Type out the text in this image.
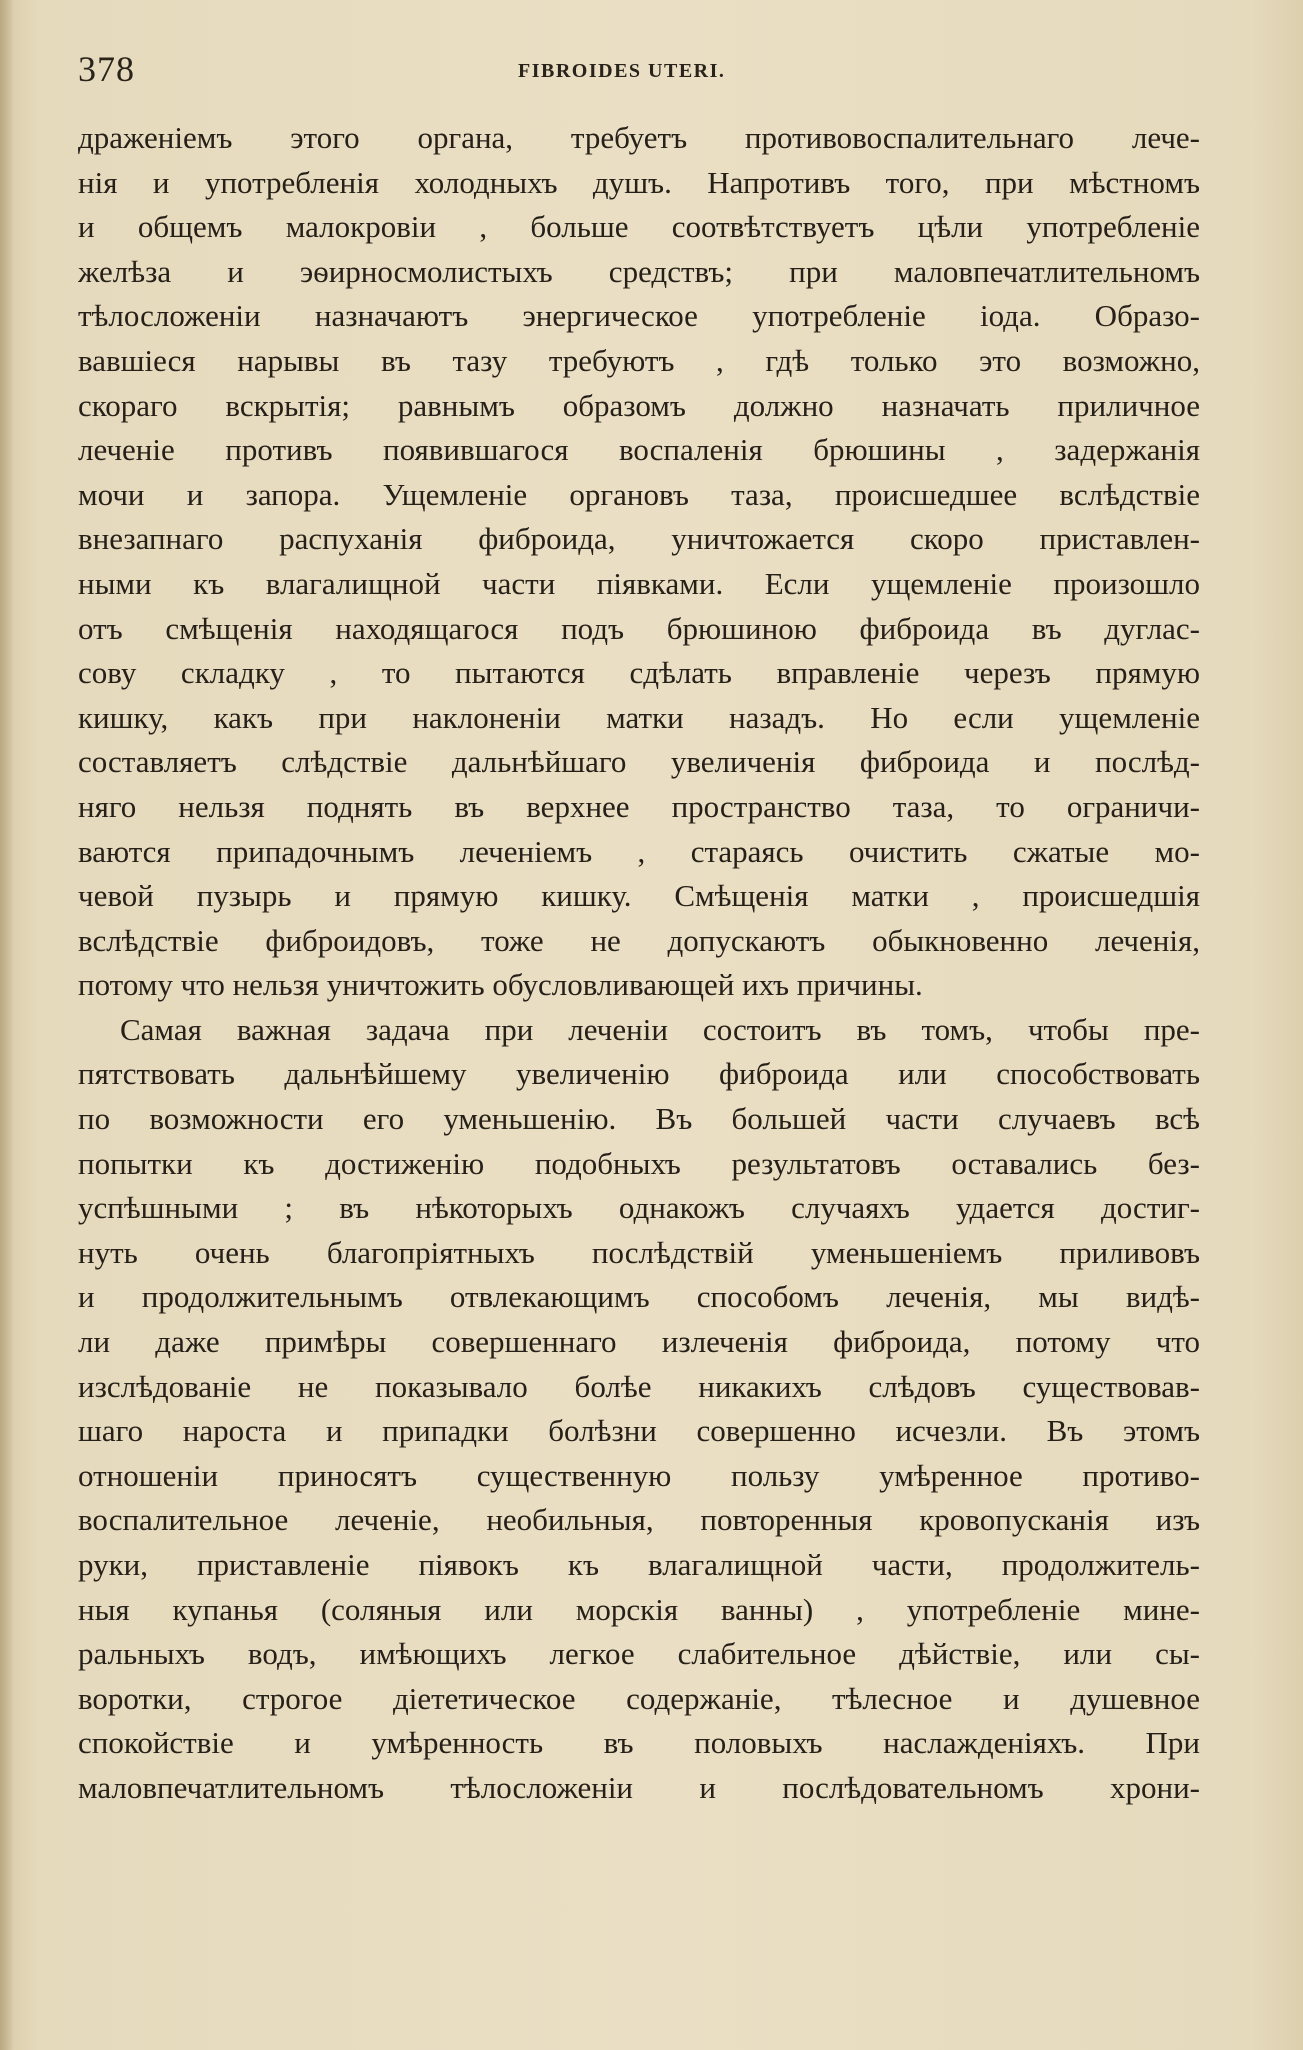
378	FIBROIDES UTERI.
драженіемъ этого органа, требуетъ противовоспалительнаго лече-
нія и употребленія холодныхъ душъ. Напротивъ того, при мѣстномъ
и общемъ малокровіи , больше соотвѣтствуетъ цѣли употребленіе
желѣза и эѳирносмолистыхъ средствъ; при маловпечатлительномъ
тѣлосложеніи назначаютъ энергическое употребленіе іода. Образо-
вавшіеся нарывы въ тазу требуютъ , гдѣ только это возможно,
скораго вскрытія; равнымъ образомъ должно назначать приличное
леченіе противъ появившагося воспаленія брюшины , задержанія
мочи и запора. Ущемленіе органовъ таза, происшедшее вслѣдствіе
внезапнаго распуханія фиброида, уничтожается скоро приставлен-
ными къ влагалищной части піявками. Если ущемленіе произошло
отъ смѣщенія находящагося подъ брюшиною фиброида въ дуглас-
сову складку , то пытаются сдѣлать вправленіе черезъ прямую
кишку, какъ при наклоненіи матки назадъ. Но если ущемленіе
составляетъ слѣдствіе дальнѣйшаго увеличенія фиброида и послѣд-
няго нельзя поднять въ верхнее пространство таза, то ограничи-
ваются припадочнымъ леченіемъ , стараясь очистить сжатые мо-
чевой пузырь и прямую кишку. Смѣщенія матки , происшедшія
вслѣдствіе фиброидовъ, тоже не допускаютъ обыкновенно леченія,
потому что нельзя уничтожить обусловливающей ихъ причины.
Самая важная задача при леченіи состоитъ въ томъ, чтобы пре-
пятствовать дальнѣйшему увеличенію фиброида или способствовать
по возможности его уменьшенію. Въ большей части случаевъ всѣ
попытки къ достиженію подобныхъ результатовъ оставались без-
успѣшными ; въ нѣкоторыхъ однакожъ случаяхъ удается достиг-
нуть очень благопріятныхъ послѣдствій уменьшеніемъ приливовъ
и продолжительнымъ отвлекающимъ способомъ леченія, мы видѣ-
ли даже примѣры совершеннаго излеченія фиброида, потому что
изслѣдованіе не показывало болѣе никакихъ слѣдовъ существовав-
шаго нароста и припадки болѣзни совершенно исчезли. Въ этомъ
отношеніи приносятъ существенную пользу умѣренное противо-
воспалительное леченіе, необильныя, повторенныя кровопусканія изъ
руки, приставленіе піявокъ къ влагалищной части, продолжитель-
ныя купанья (соляныя или морскія ванны) , употребленіе мине-
ральныхъ водъ, имѣющихъ легкое слабительное дѣйствіе, или сы-
воротки, строгое діететическое содержаніе, тѣлесное и душевное
спокойствіе и умѣренность въ половыхъ наслажденіяхъ. При
маловпечатлительномъ тѣлосложеніи и послѣдовательномъ хрони-
